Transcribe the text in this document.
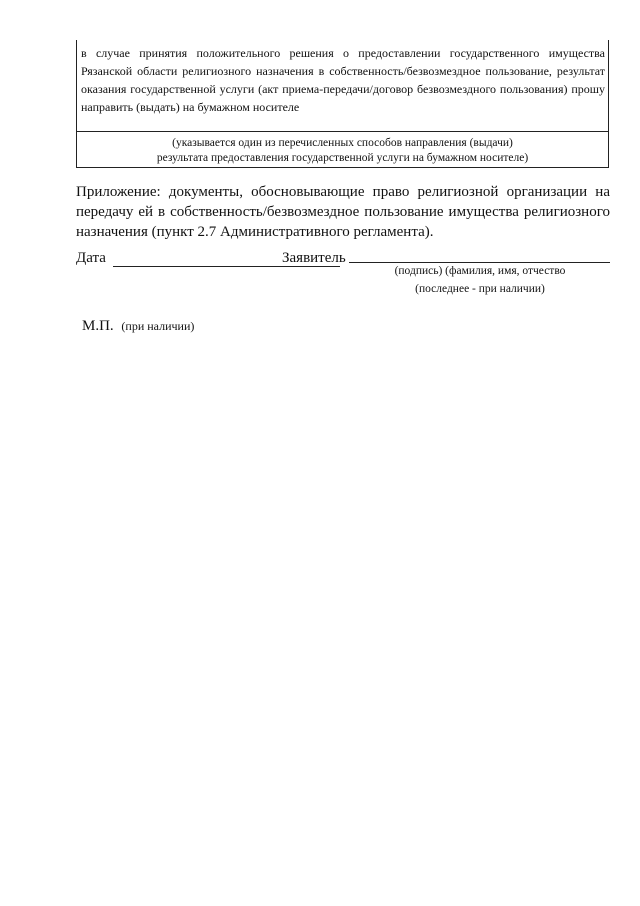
в случае принятия положительного решения о предоставлении государственного имущества Рязанской области религиозного назначения в собственность/безвозмездное пользование, результат оказания государственной услуги (акт приема-передачи/договор безвозмездного пользования) прошу направить (выдать) на бумажном носителе
(указывается один из перечисленных способов направления (выдачи)
результата предоставления государственной услуги на бумажном носителе)
Приложение: документы, обосновывающие право религиозной организации на передачу ей в собственность/безвозмездное пользование имущества религиозного назначения (пункт 2.7 Административного регламента).
Дата	Заявитель
(подпись) (фамилия, имя, отчество
(последнее - при наличии)
М.П. (при наличии)
